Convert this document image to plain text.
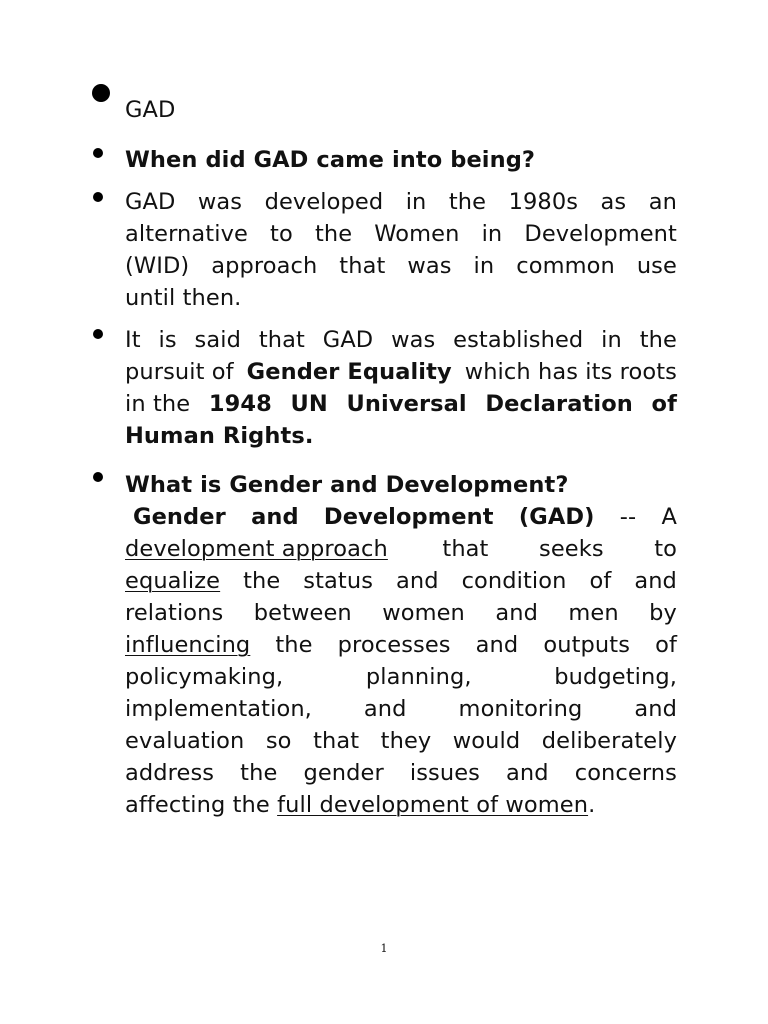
GAD
When did GAD came into being?
GAD was developed in the 1980s as an
alternative to the Women in Development
(WID) approach that was in common use
until then.
It is said that GAD was established in the
pursuit of Gender Equality which has its roots
in the 1948 UN Universal Declaration of
Human Rights.
What is Gender and Development?
Gender and Development (GAD) -- A
development approach that seeks to
equalize the status and condition of and
relations between women and men by
influencing the processes and outputs of
policymaking,	planning,	budgeting,
implementation, and monitoring and
evaluation so that they would deliberately
address the gender issues and concerns
affecting the full development of women.
1
